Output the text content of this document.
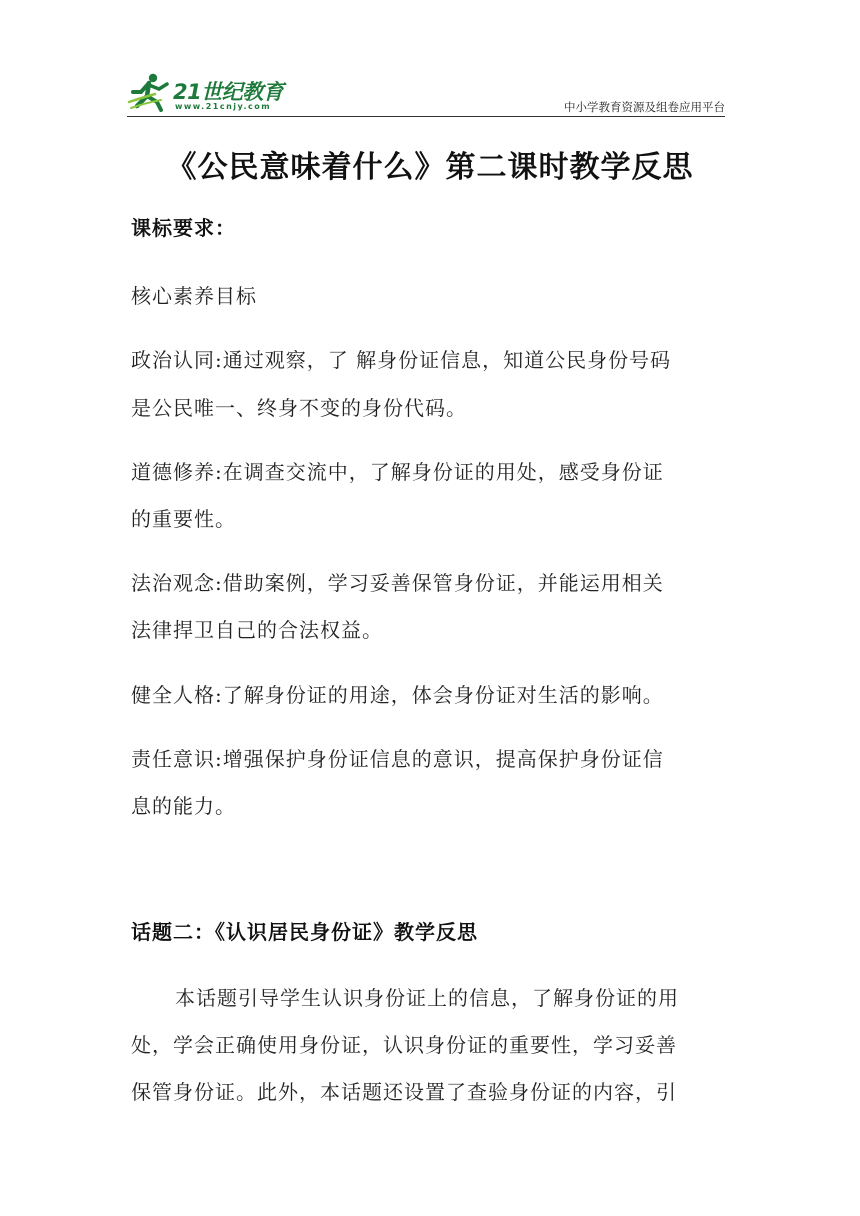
21世纪教育
www.21cnjy.com	中小学教育资源及组卷应用平台
《公民意味着什么》第二课时教学反思
课标要求：
核心素养目标
政治认同:通过观察，了 解身份证信息，知道公民身份号码
是公民唯一、终身不变的身份代码。
道德修养:在调查交流中，了解身份证的用处，感受身份证
的重要性。
法治观念:借助案例，学习妥善保管身份证，并能运用相关
法律捍卫自己的合法权益。
健全人格:了解身份证的用途，体会身份证对生活的影响。
责任意识:增强保护身份证信息的意识，提高保护身份证信
息的能力。
话题二：《认识居民身份证》教学反思
本话题引导学生认识身份证上的信息，了解身份证的用
处，学会正确使用身份证，认识身份证的重要性，学习妥善
保管身份证。此外，本话题还设置了查验身份证的内容，引
